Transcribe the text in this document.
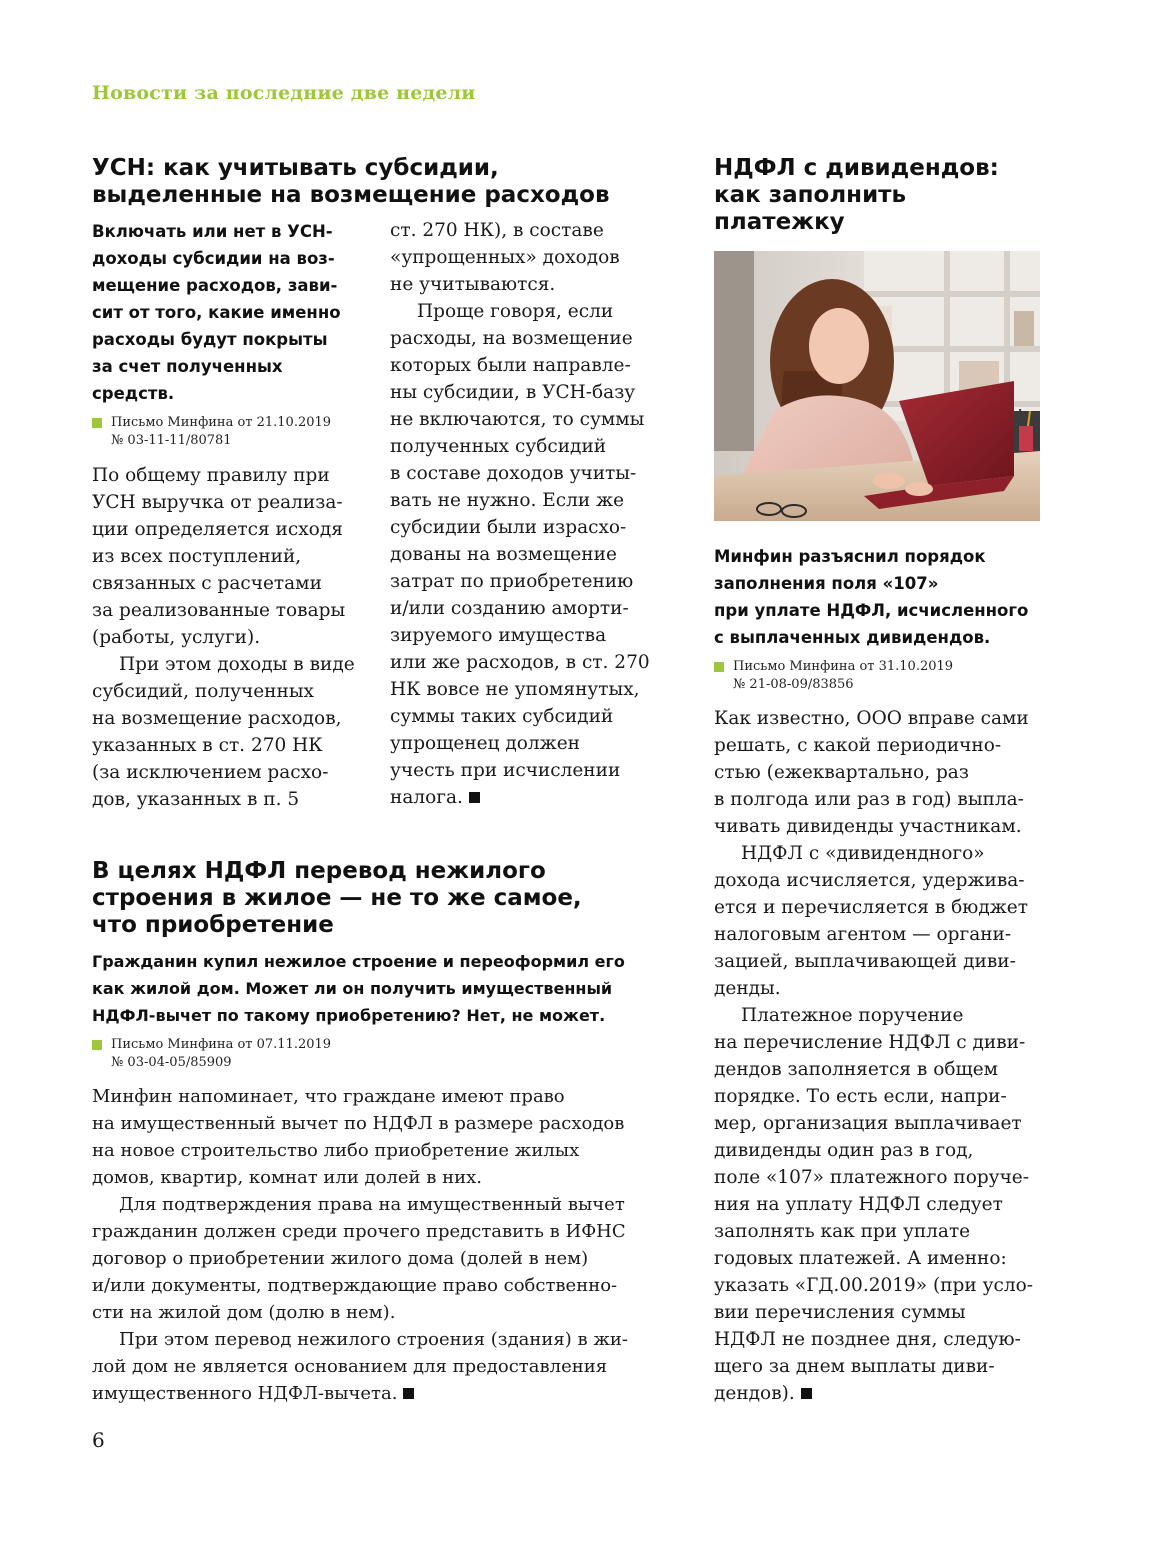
Новости за последние две недели
УСН: как учитывать субсидии,
выделенные на возмещение расходов

Включать или нет в УСН-
доходы субсидии на воз-
мещение расходов, зави-
сит от того, какие именно
расходы будут покрыты
за счет полученных
средств.

Письмо Минфина от 21.10.2019
№ 03-11-11/80781

По общему правилу при
УСН выручка от реализа-
ции определяется исходя
из всех поступлений,
связанных с расчетами
за реализованные товары
(работы, услуги).

При этом доходы в виде
субсидий, полученных
на возмещение расходов,
указанных в ст. 270 НК
(за исключением расхо-
дов, указанных в п. 5

ст. 270 НК), в составе
«упрощенных» доходов
не учитываются.

Проще говоря, если
расходы, на возмещение
которых были направле-
ны субсидии, в УСН-базу
не включаются, то суммы
полученных субсидий
в составе доходов учиты-
вать не нужно. Если же
субсидии были израсхо-
дованы на возмещение
затрат по приобретению
и/или созданию аморти-
зируемого имущества
или же расходов, в ст. 270
НК вовсе не упомянутых,
суммы таких субсидий
упрощенец должен
учесть при исчислении
налога.

В целях НДФЛ перевод нежилого
строения в жилое — не то же самое,
что приобретение

Гражданин купил нежилое строение и переоформил его
как жилой дом. Может ли он получить имущественный
НДФЛ-вычет по такому приобретению? Нет, не может.

Письмо Минфина от 07.11.2019
№ 03-04-05/85909

Минфин напоминает, что граждане имеют право
на имущественный вычет по НДФЛ в размере расходов
на новое строительство либо приобретение жилых
домов, квартир, комнат или долей в них.

Для подтверждения права на имущественный вычет
гражданин должен среди прочего представить в ИФНС
договор о приобретении жилого дома (долей в нем)
и/или документы, подтверждающие право собственно-
сти на жилой дом (долю в нем).

При этом перевод нежилого строения (здания) в жи-
лой дом не является основанием для предоставления
имущественного НДФЛ-вычета.

НДФЛ с дивидендов:
как заполнить
платежку

Минфин разъяснил порядок
заполнения поля «107»
при уплате НДФЛ, исчисленного
с выплаченных дивидендов.

Письмо Минфина от 31.10.2019
№ 21-08-09/83856

Как известно, ООО вправе сами
решать, с какой периодично-
стью (ежеквартально, раз
в полгода или раз в год) выпла-
чивать дивиденды участникам.

НДФЛ с «дивидендного»
дохода исчисляется, удержива-
ется и перечисляется в бюджет
налоговым агентом — органи-
зацией, выплачивающей диви-
денды.

Платежное поручение
на перечисление НДФЛ с диви-
дендов заполняется в общем
порядке. То есть если, напри-
мер, организация выплачивает
дивиденды один раз в год,
поле «107» платежного поруче-
ния на уплату НДФЛ следует
заполнять как при уплате
годовых платежей. А именно:
указать «ГД.00.2019» (при усло-
вии перечисления суммы
НДФЛ не позднее дня, следую-
щего за днем выплаты диви-
дендов).

6
